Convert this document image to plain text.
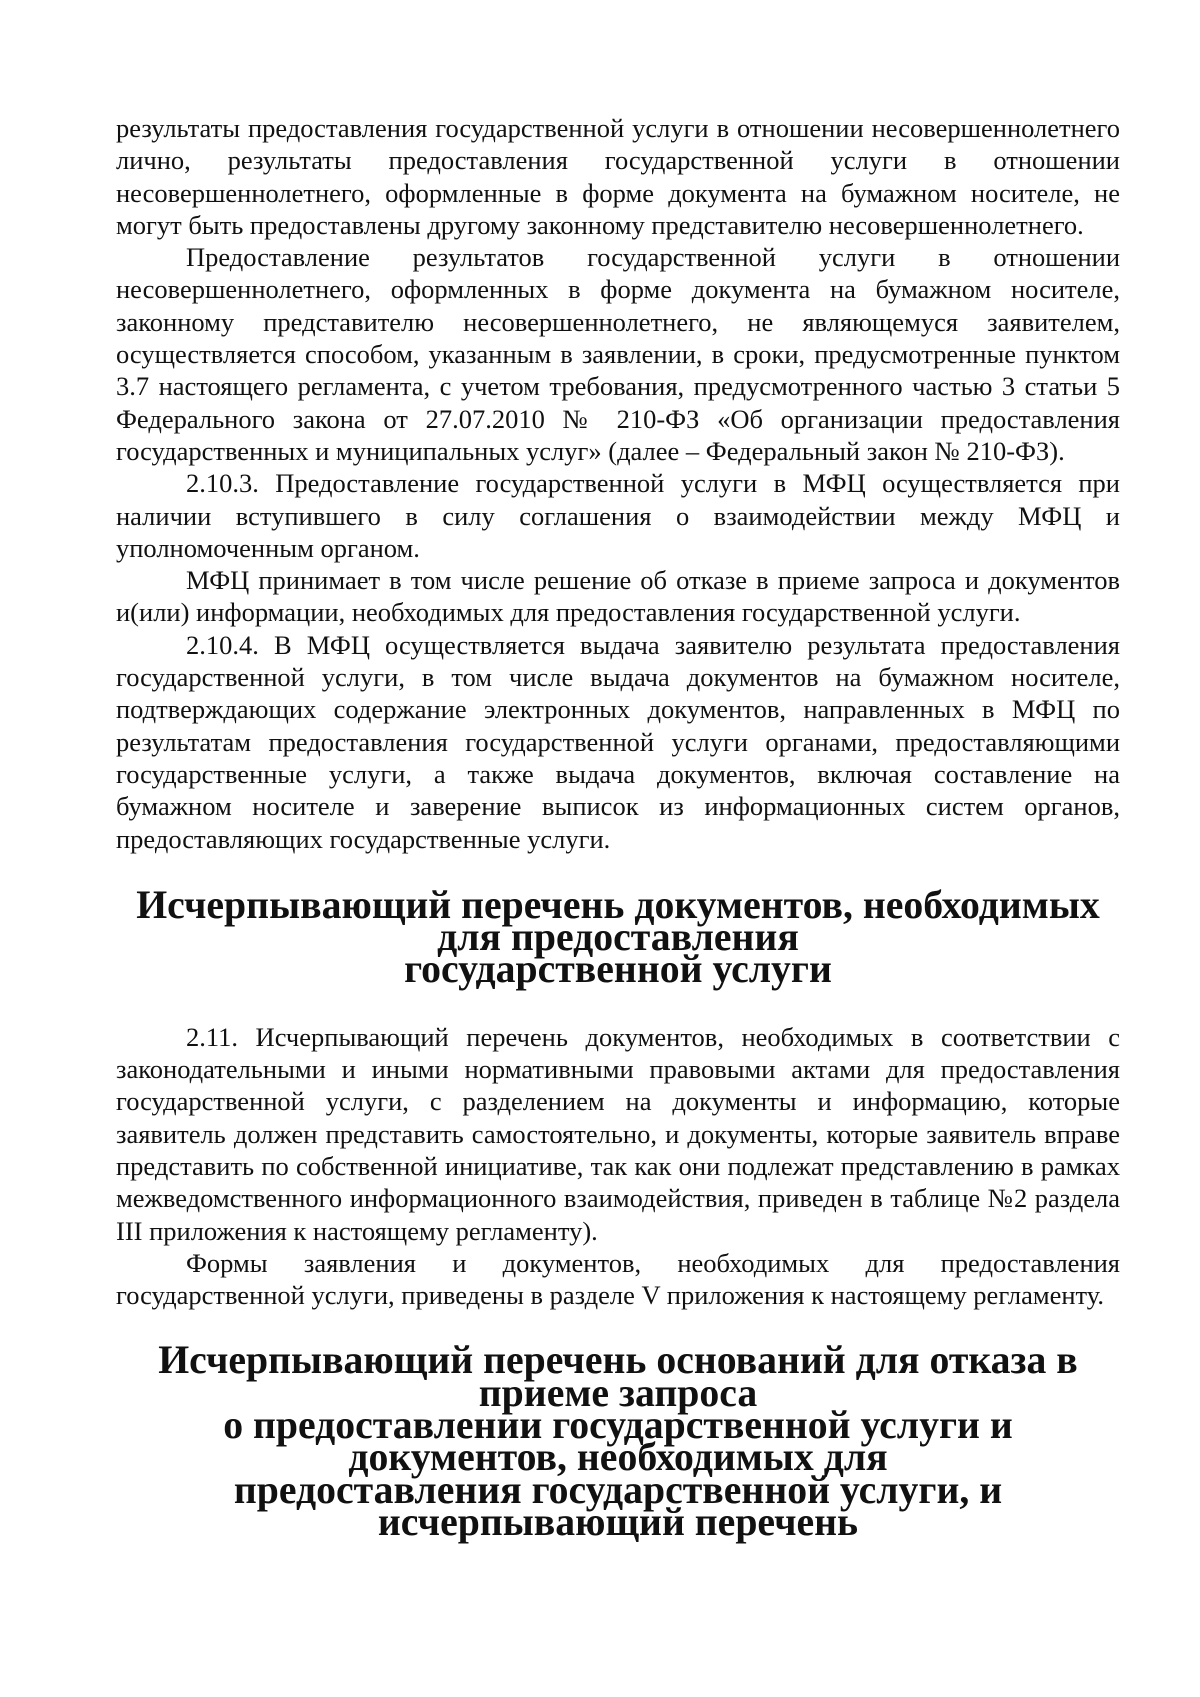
результаты предоставления государственной услуги в отношении несовершеннолетнего лично, результаты предоставления государственной услуги в отношении несовершеннолетнего, оформленные в форме документа на бумажном носителе, не могут быть предоставлены другому законному представителю несовершеннолетнего.

Предоставление результатов государственной услуги в отношении несовершеннолетнего, оформленных в форме документа на бумажном носителе, законному представителю несовершеннолетнего, не являющемуся заявителем, осуществляется способом, указанным в заявлении, в сроки, предусмотренные пунктом 3.7 настоящего регламента, с учетом требования, предусмотренного частью 3 статьи 5 Федерального закона от 27.07.2010 № 210-ФЗ «Об организации предоставления государственных и муниципальных услуг» (далее – Федеральный закон № 210-ФЗ).

2.10.3. Предоставление государственной услуги в МФЦ осуществляется при наличии вступившего в силу соглашения о взаимодействии между МФЦ и уполномоченным органом.

МФЦ принимает в том числе решение об отказе в приеме запроса и документов и(или) информации, необходимых для предоставления государственной услуги.

2.10.4. В МФЦ осуществляется выдача заявителю результата предоставления государственной услуги, в том числе выдача документов на бумажном носителе, подтверждающих содержание электронных документов, направленных в МФЦ по результатам предоставления государственной услуги органами, предоставляющими государственные услуги, а также выдача документов, включая составление на бумажном носителе и заверение выписок из информационных систем органов, предоставляющих государственные услуги.

Исчерпывающий перечень документов, необходимых для предоставления
государственной услуги

2.11. Исчерпывающий перечень документов, необходимых в соответствии с законодательными и иными нормативными правовыми актами для предоставления государственной услуги, с разделением на документы и информацию, которые заявитель должен представить самостоятельно, и документы, которые заявитель вправе представить по собственной инициативе, так как они подлежат представлению в рамках межведомственного информационного взаимодействия, приведен в таблице №2 раздела III приложения к настоящему регламенту).

Формы заявления и документов, необходимых для предоставления государственной услуги, приведены в разделе V приложения к настоящему регламенту.

Исчерпывающий перечень оснований для отказа в приеме запроса
о предоставлении государственной услуги и документов, необходимых для
предоставления государственной услуги, и исчерпывающий перечень
